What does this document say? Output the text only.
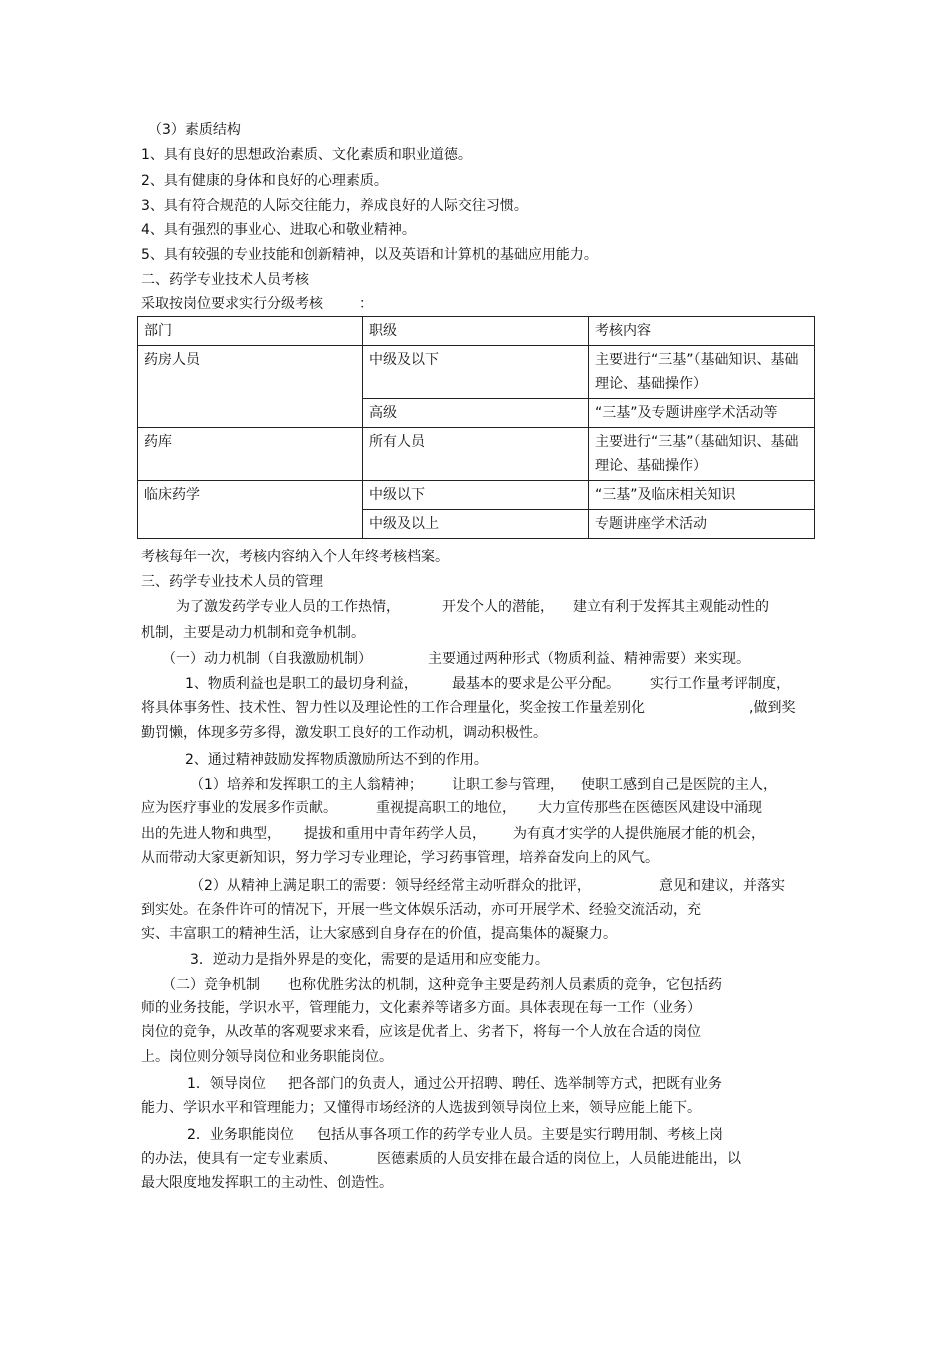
（3）素质结构
1、具有良好的思想政治素质、文化素质和职业道德。
2、具有健康的身体和良好的心理素质。
3、具有符合规范的人际交往能力，养成良好的人际交往习惯。
4、具有强烈的事业心、进取心和敬业精神。
5、具有较强的专业技能和创新精神，以及英语和计算机的基础应用能力。
二、药学专业技术人员考核
采取按岗位要求实行分级考核	：
部门	职级	考核内容
药房人员	中级及以下	主要进行“三基”（基础知识、基础理论、基础操作）
	高级	“三基”及专题讲座学术活动等
药库	所有人员	主要进行“三基”（基础知识、基础理论、基础操作）
临床药学	中级以下	“三基”及临床相关知识
	中级及以上	专题讲座学术活动
考核每年一次，考核内容纳入个人年终考核档案。
三、药学专业技术人员的管理
为了激发药学专业人员的工作热情，	开发个人的潜能， 建立有利于发挥其主观能动性的
机制，主要是动力机制和竞争机制。
（一）动力机制（自我激励机制）	主要通过两种形式（物质利益、精神需要）来实现。
1、物质利益也是职工的最切身利益， 最基本的要求是公平分配。 实行工作量考评制度，
将具体事务性、技术性、智力性以及理论性的工作合理量化，奖金按工作量差别化	,做到奖
勤罚懒，体现多劳多得，激发职工良好的工作动机，调动积极性。
2、通过精神鼓励发挥物质激励所达不到的作用。
（1）培养和发挥职工的主人翁精神； 让职工参与管理， 使职工感到自己是医院的主人，
应为医疗事业的发展多作贡献。	重视提高职工的地位， 大力宣传那些在医德医风建设中涌现
出的先进人物和典型， 提拔和重用中青年药学人员， 为有真才实学的人提供施展才能的机会，
从而带动大家更新知识，努力学习专业理论，学习药事管理，培养奋发向上的风气。
（2）从精神上满足职工的需要：领导经经常主动听群众的批评，	意见和建议，并落实
到实处。在条件许可的情况下，开展一些文体娱乐活动，亦可开展学术、经验交流活动，充
实、丰富职工的精神生活，让大家感到自身存在的价值，提高集体的凝聚力。
3．逆动力是指外界是的变化，需要的是适用和应变能力。
（二）竞争机制 也称优胜劣汰的机制，这种竞争主要是药剂人员素质的竞争，它包括药
师的业务技能，学识水平，管理能力，文化素养等诸多方面。具体表现在每一工作（业务）
岗位的竞争，从改革的客观要求来看，应该是优者上、劣者下，将每一个人放在合适的岗位
上。岗位则分领导岗位和业务职能岗位。
1．领导岗位 把各部门的负责人，通过公开招聘、聘任、选举制等方式，把既有业务
能力、学识水平和管理能力；又懂得市场经济的人选拔到领导岗位上来，领导应能上能下。
2．业务职能岗位 包括从事各项工作的药学专业人员。主要是实行聘用制、考核上岗
的办法，使具有一定专业素质、	医德素质的人员安排在最合适的岗位上，人员能进能出，以
最大限度地发挥职工的主动性、创造性。
